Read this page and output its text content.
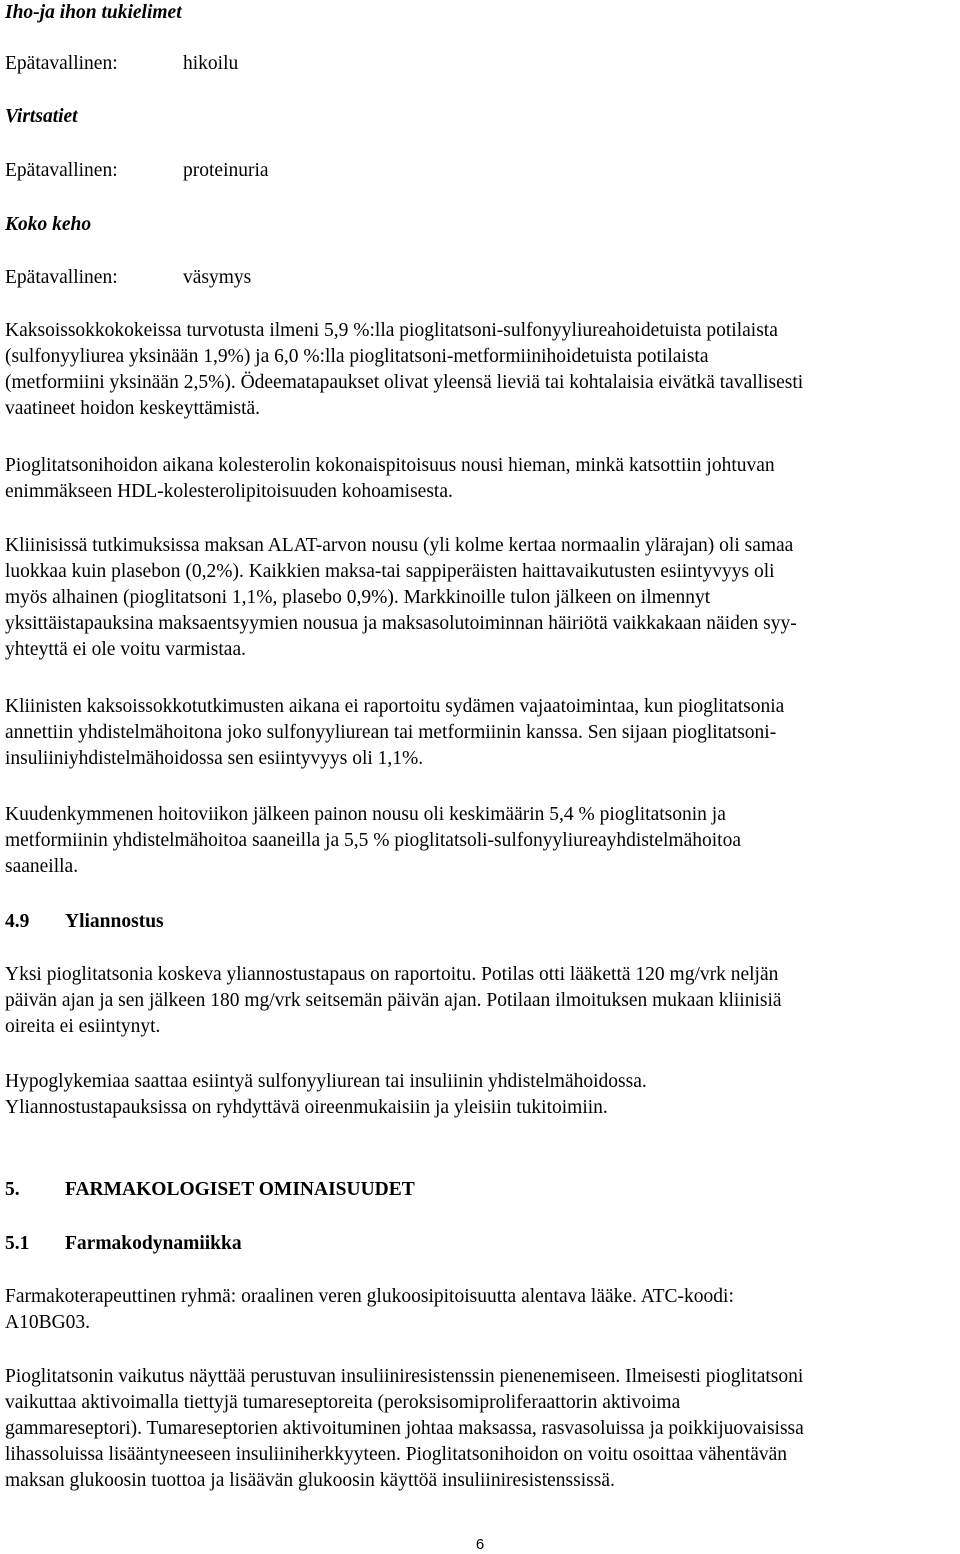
Iho-ja ihon tukielimet
Epätavallinen:	hikoilu
Virtsatiet
Epätavallinen:	proteinuria
Koko keho
Epätavallinen:	väsymys
Kaksoissokkokokeissa turvotusta ilmeni 5,9 %:lla pioglitatsoni-sulfonyyliureahoidetuista potilaista
(sulfonyyliurea yksinään 1,9%) ja 6,0 %:lla pioglitatsoni-metformiinihoidetuista potilaista
(metformiini yksinään 2,5%). Ödeematapaukset olivat yleensä lieviä tai kohtalaisia eivätkä tavallisesti
vaatineet hoidon keskeyttämistä.
Pioglitatsonihoidon aikana kolesterolin kokonaispitoisuus nousi hieman, minkä katsottiin johtuvan
enimmäkseen HDL-kolesterolipitoisuuden kohoamisesta.
Kliinisissä tutkimuksissa maksan ALAT-arvon nousu (yli kolme kertaa normaalin ylärajan) oli samaa
luokkaa kuin plasebon (0,2%). Kaikkien maksa-tai sappiperäisten haittavaikutusten esiintyvyys oli
myös alhainen (pioglitatsoni 1,1%, plasebo 0,9%). Markkinoille tulon jälkeen on ilmennyt
yksittäistapauksina maksaentsyymien nousua ja maksasolutoiminnan häiriötä vaikkakaan näiden syy-
yhteyttä ei ole voitu varmistaa.
Kliinisten kaksoissokkotutkimusten aikana ei raportoitu sydämen vajaatoimintaa, kun pioglitatsonia
annettiin yhdistelmähoitona joko sulfonyyliurean tai metformiinin kanssa. Sen sijaan pioglitatsoni-
insuliiniyhdistelmähoidossa sen esiintyvyys oli 1,1%.
Kuudenkymmenen hoitoviikon jälkeen painon nousu oli keskimäärin 5,4 % pioglitatsonin ja
metformiinin yhdistelmähoitoa saaneilla ja 5,5 % pioglitatsoli-sulfonyyliureayhdistelmähoitoa
saaneilla.
4.9 Yliannostus
Yksi pioglitatsonia koskeva yliannostustapaus on raportoitu. Potilas otti lääkettä 120 mg/vrk neljän
päivän ajan ja sen jälkeen 180 mg/vrk seitsemän päivän ajan. Potilaan ilmoituksen mukaan kliinisiä
oireita ei esiintynyt.
Hypoglykemiaa saattaa esiintyä sulfonyyliurean tai insuliinin yhdistelmähoidossa.
Yliannostustapauksissa on ryhdyttävä oireenmukaisiin ja yleisiin tukitoimiin.
5. FARMAKOLOGISET OMINAISUUDET
5.1 Farmakodynamiikka
Farmakoterapeuttinen ryhmä: oraalinen veren glukoosipitoisuutta alentava lääke. ATC-koodi:
A10BG03.
Pioglitatsonin vaikutus näyttää perustuvan insuliiniresistenssin pienenemiseen. Ilmeisesti pioglitatsoni
vaikuttaa aktivoimalla tiettyjä tumareseptoreita (peroksisomiproliferaattorin aktivoima
gammareseptori). Tumareseptorien aktivoituminen johtaa maksassa, rasvasoluissa ja poikkijuovaisissa
lihassoluissa lisääntyneeseen insuliiniherkkyyteen. Pioglitatsonihoidon on voitu osoittaa vähentävän
maksan glukoosin tuottoa ja lisäävän glukoosin käyttöä insuliiniresistenssissä.
6
